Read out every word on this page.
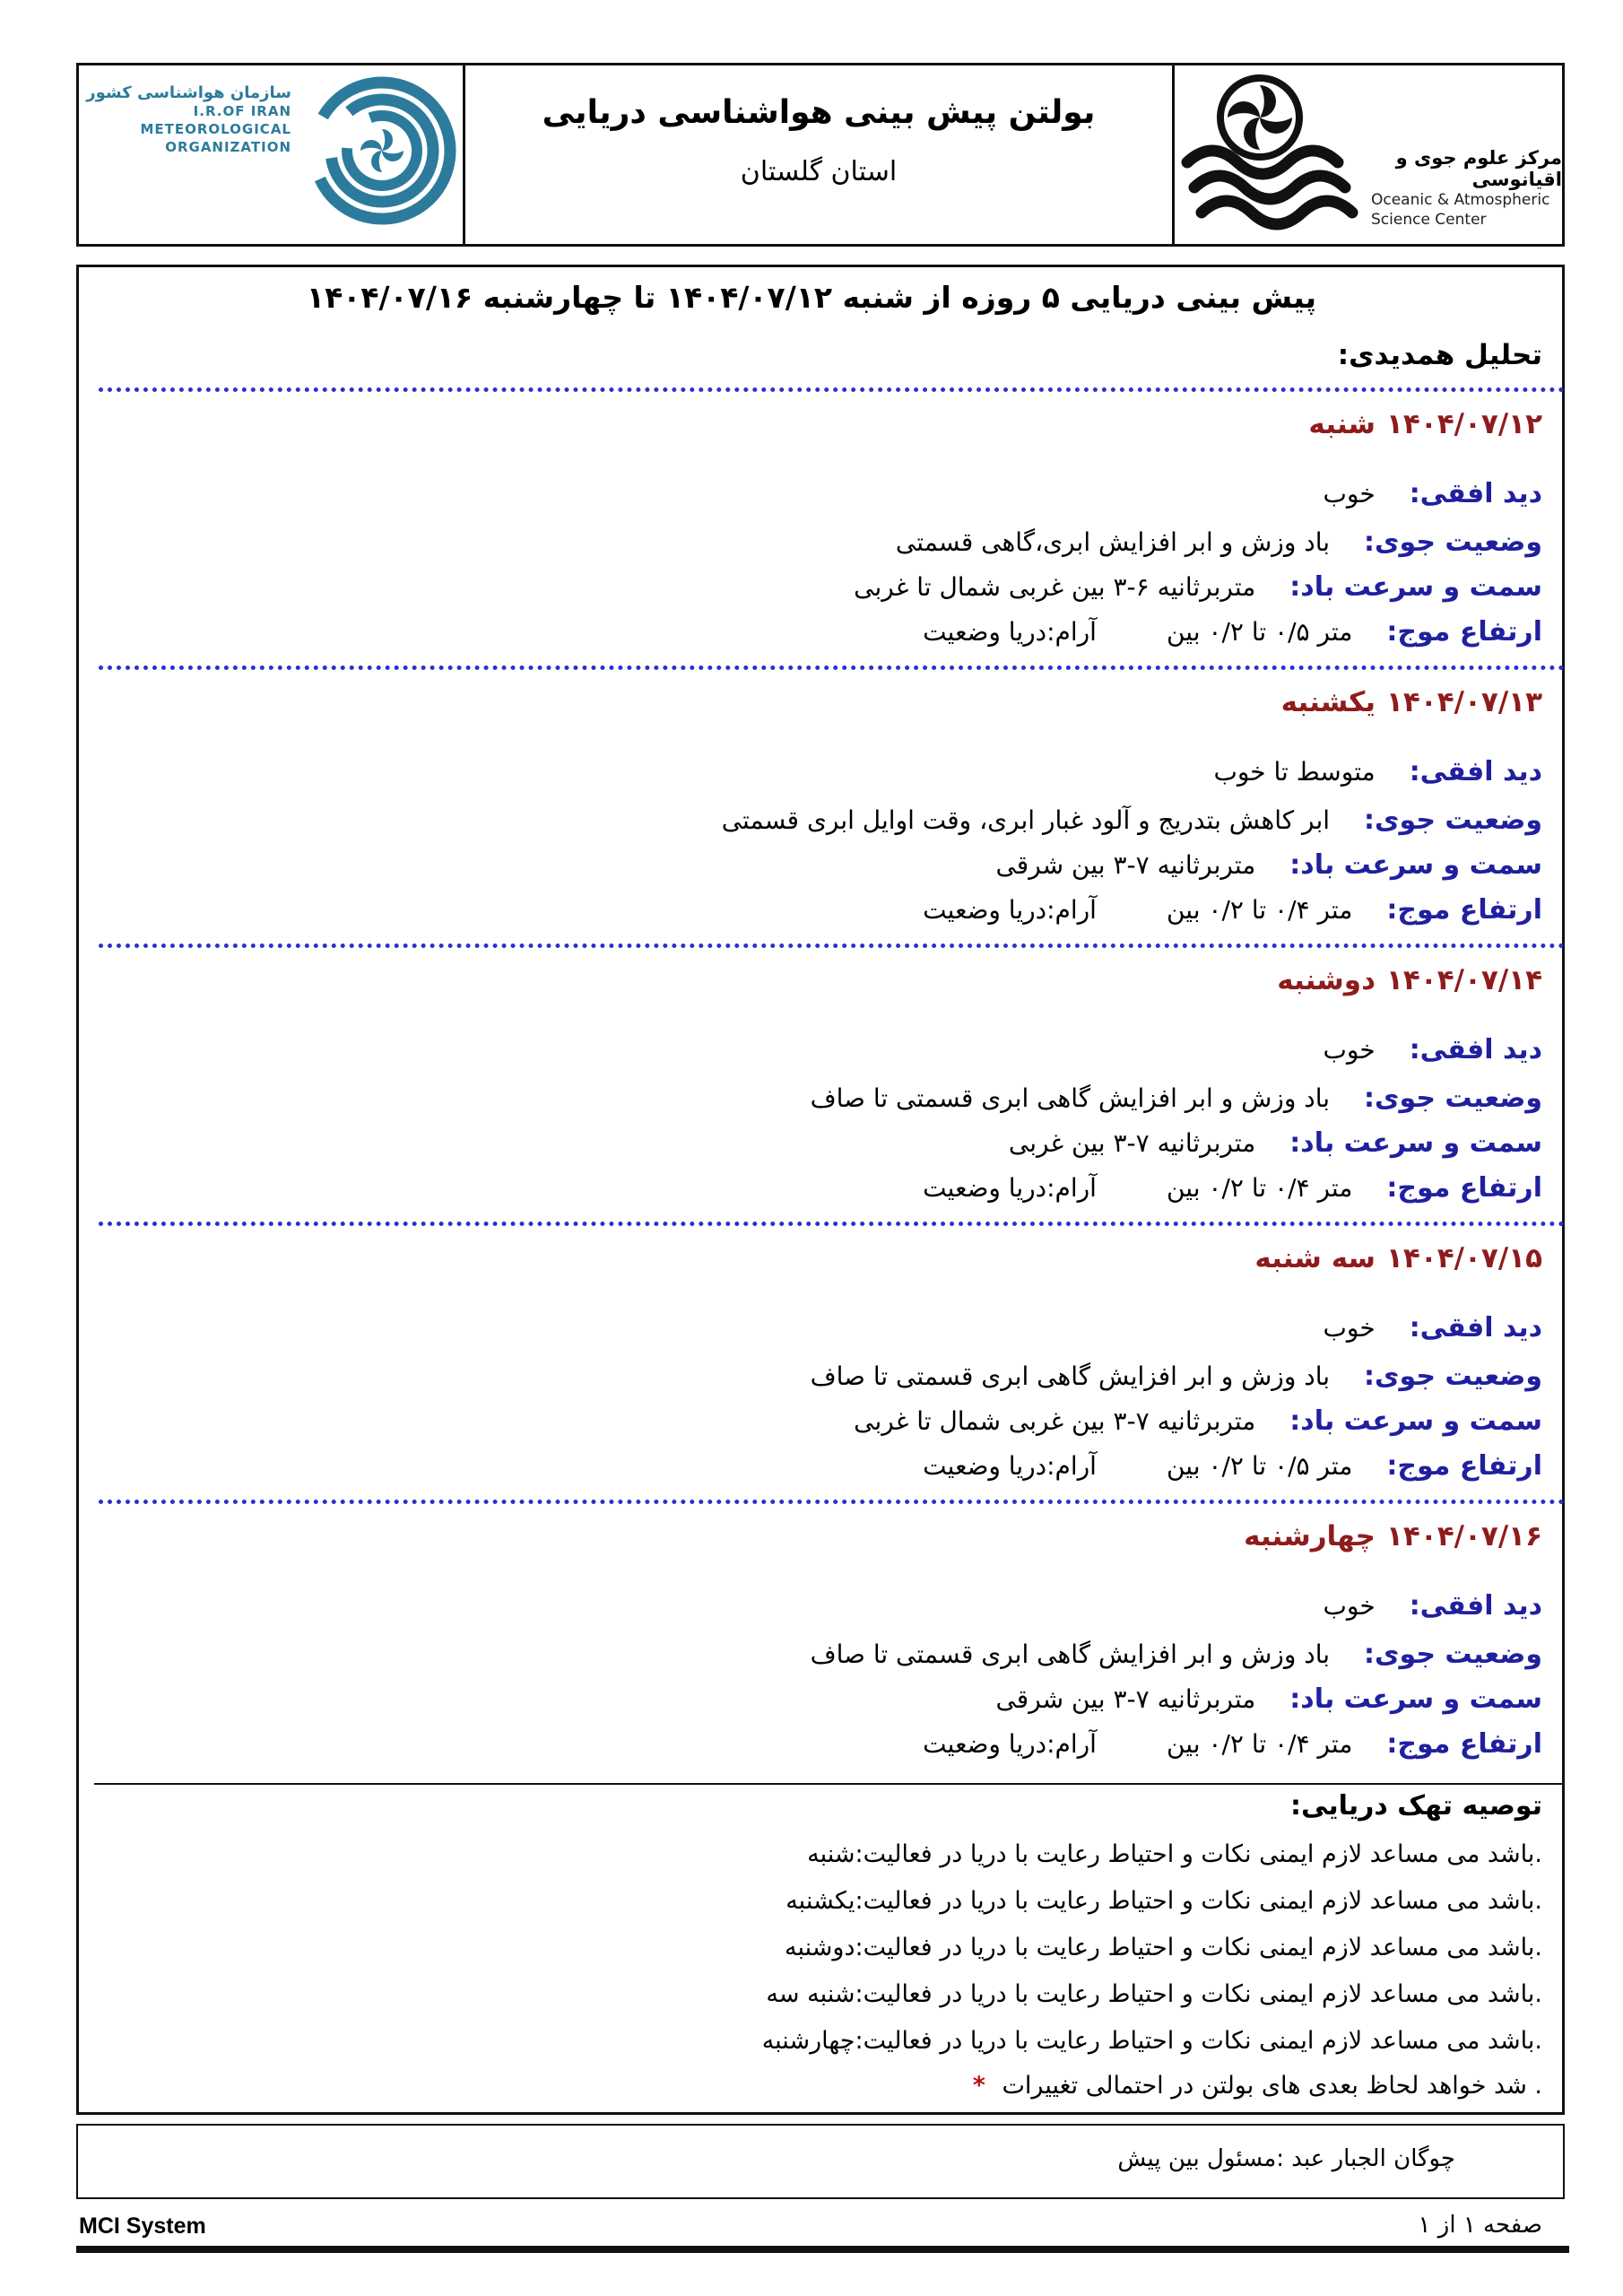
سازمان هواشناسی کشور
I.R.OF IRAN
METEOROLOGICAL
ORGANIZATION
بولتن پیش بینی هواشناسی دریایی
استان گلستان	مرکز علوم جوی و اقیانوسی
Oceanic & Atmospheric
Science Center
پیش بینی دریایی ۵ روزه از شنبه ۱۴۰۴/۰۷/۱۲ تا چهارشنبه ۱۴۰۴/۰۷/۱۶
تحلیل همدیدی:
۱۴۰۴/۰۷/۱۲
شنبه
دید افقی:
خوب
وضعیت جوی:
باد وزش و ابر افزایش ابری،گاهی قسمتی
سمت و سرعت باد:
متربرثانیه ۶-۳ بین غربی شمال تا غربی
ارتفاع موج:
متر ۰/۵ تا ۰/۲ بین
آرام:دریا وضعیت
۱۴۰۴/۰۷/۱۳
یکشنبه
دید افقی:
متوسط تا خوب
وضعیت جوی:
ابر کاهش بتدریج و آلود غبار ابری، وقت اوایل ابری قسمتی
سمت و سرعت باد:
متربرثانیه ۷-۳ بین شرقی
ارتفاع موج:
متر ۰/۴ تا ۰/۲ بین
آرام:دریا وضعیت
۱۴۰۴/۰۷/۱۴
دوشنبه
دید افقی:
خوب
وضعیت جوی:
باد وزش و ابر افزایش گاهی ابری قسمتی تا صاف
سمت و سرعت باد:
متربرثانیه ۷-۳ بین غربی
ارتفاع موج:
متر ۰/۴ تا ۰/۲ بین
آرام:دریا وضعیت
۱۴۰۴/۰۷/۱۵
سه شنبه
دید افقی:
خوب
وضعیت جوی:
باد وزش و ابر افزایش گاهی ابری قسمتی تا صاف
سمت و سرعت باد:
متربرثانیه ۷-۳ بین غربی شمال تا غربی
ارتفاع موج:
متر ۰/۵ تا ۰/۲ بین
آرام:دریا وضعیت
۱۴۰۴/۰۷/۱۶
چهارشنبه
دید افقی:
خوب
وضعیت جوی:
باد وزش و ابر افزایش گاهی ابری قسمتی تا صاف
سمت و سرعت باد:
متربرثانیه ۷-۳ بین شرقی
ارتفاع موج:
متر ۰/۴ تا ۰/۲ بین
آرام:دریا وضعیت
توصیه تهک دریایی:
.باشد می مساعد لازم ایمنی نکات و احتیاط رعایت با دریا در فعالیت:شنبه
.باشد می مساعد لازم ایمنی نکات و احتیاط رعایت با دریا در فعالیت:یکشنبه
.باشد می مساعد لازم ایمنی نکات و احتیاط رعایت با دریا در فعالیت:دوشنبه
.باشد می مساعد لازم ایمنی نکات و احتیاط رعایت با دریا در فعالیت:شنبه سه
.باشد می مساعد لازم ایمنی نکات و احتیاط رعایت با دریا در فعالیت:چهارشنبه
. شد خواهد لحاظ بعدی های بولتن در احتمالی تغییرات *
چوگان الجبار عبد :مسئول بین پیش
MCI System	صفحه ۱ از ۱
